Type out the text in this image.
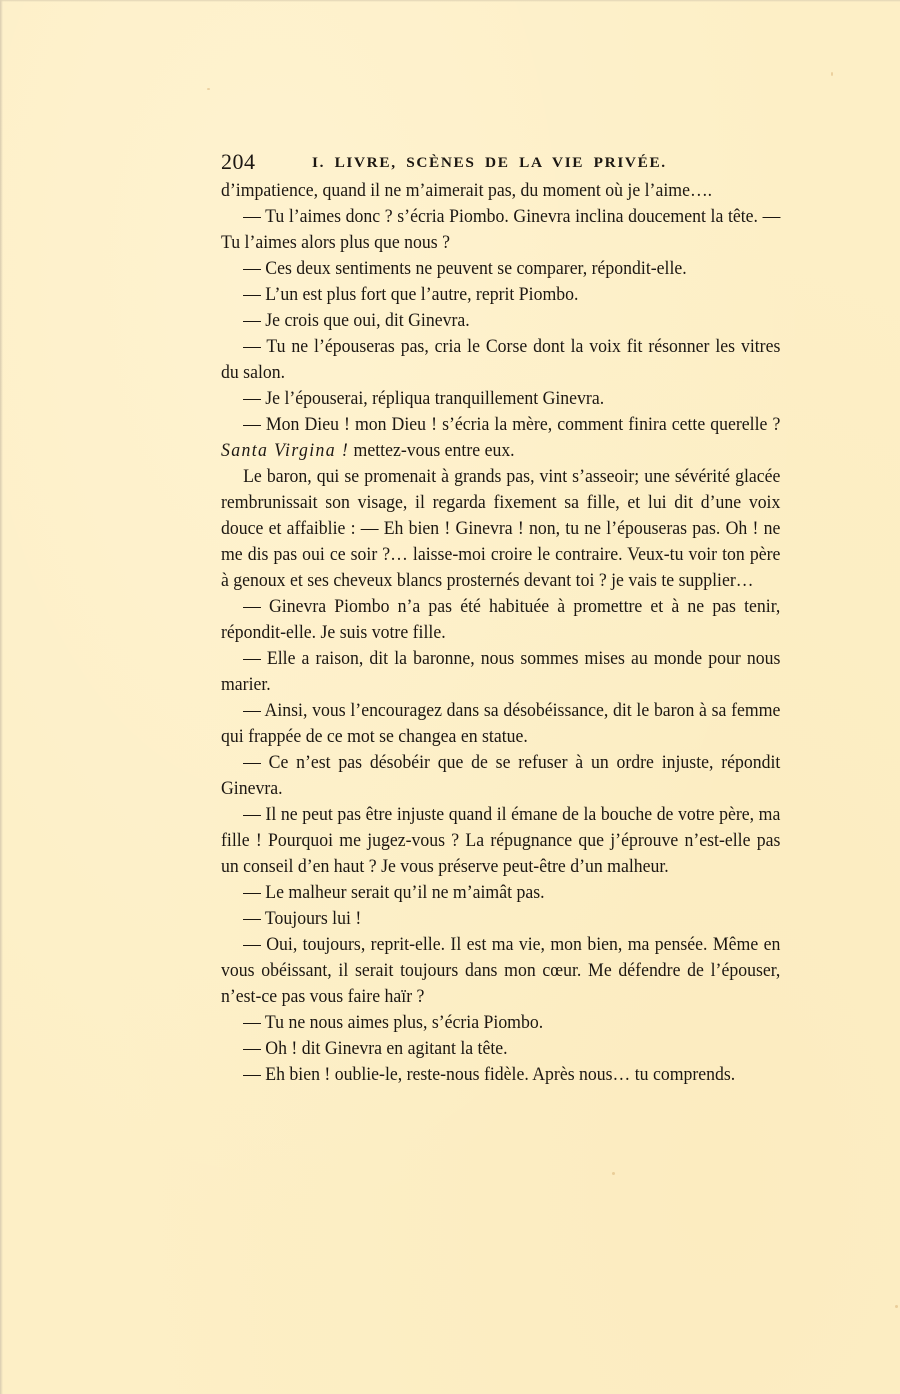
204	I. LIVRE, SCÈNES DE LA VIE PRIVÉE.

d’impatience, quand il ne m’aimerait pas, du moment où je l’aime….

— Tu l’aimes donc ? s’écria Piombo. Ginevra inclina doucement la tête. — Tu l’aimes alors plus que nous ?

— Ces deux sentiments ne peuvent se comparer, répondit-elle.

— L’un est plus fort que l’autre, reprit Piombo.

— Je crois que oui, dit Ginevra.

— Tu ne l’épouseras pas, cria le Corse dont la voix fit résonner les vitres du salon.

— Je l’épouserai, répliqua tranquillement Ginevra.

— Mon Dieu ! mon Dieu ! s’écria la mère, comment finira cette querelle ? Santa Virgina ! mettez-vous entre eux.

Le baron, qui se promenait à grands pas, vint s’asseoir; une sévérité glacée rembrunissait son visage, il regarda fixement sa fille, et lui dit d’une voix douce et affaiblie : — Eh bien ! Ginevra ! non, tu ne l’épouseras pas. Oh ! ne me dis pas oui ce soir ?… laisse-moi croire le contraire. Veux-tu voir ton père à genoux et ses cheveux blancs prosternés devant toi ? je vais te supplier…

— Ginevra Piombo n’a pas été habituée à promettre et à ne pas tenir, répondit-elle. Je suis votre fille.

— Elle a raison, dit la baronne, nous sommes mises au monde pour nous marier.

— Ainsi, vous l’encouragez dans sa désobéissance, dit le baron à sa femme qui frappée de ce mot se changea en statue.

— Ce n’est pas désobéir que de se refuser à un ordre injuste, répondit Ginevra.

— Il ne peut pas être injuste quand il émane de la bouche de votre père, ma fille ! Pourquoi me jugez-vous ? La répugnance que j’éprouve n’est-elle pas un conseil d’en haut ? Je vous préserve peut-être d’un malheur.

— Le malheur serait qu’il ne m’aimât pas.

— Toujours lui !

— Oui, toujours, reprit-elle. Il est ma vie, mon bien, ma pensée. Même en vous obéissant, il serait toujours dans mon cœur. Me défendre de l’épouser, n’est-ce pas vous faire haïr ?

— Tu ne nous aimes plus, s’écria Piombo.

— Oh ! dit Ginevra en agitant la tête.

— Eh bien ! oublie-le, reste-nous fidèle. Après nous… tu comprends.
